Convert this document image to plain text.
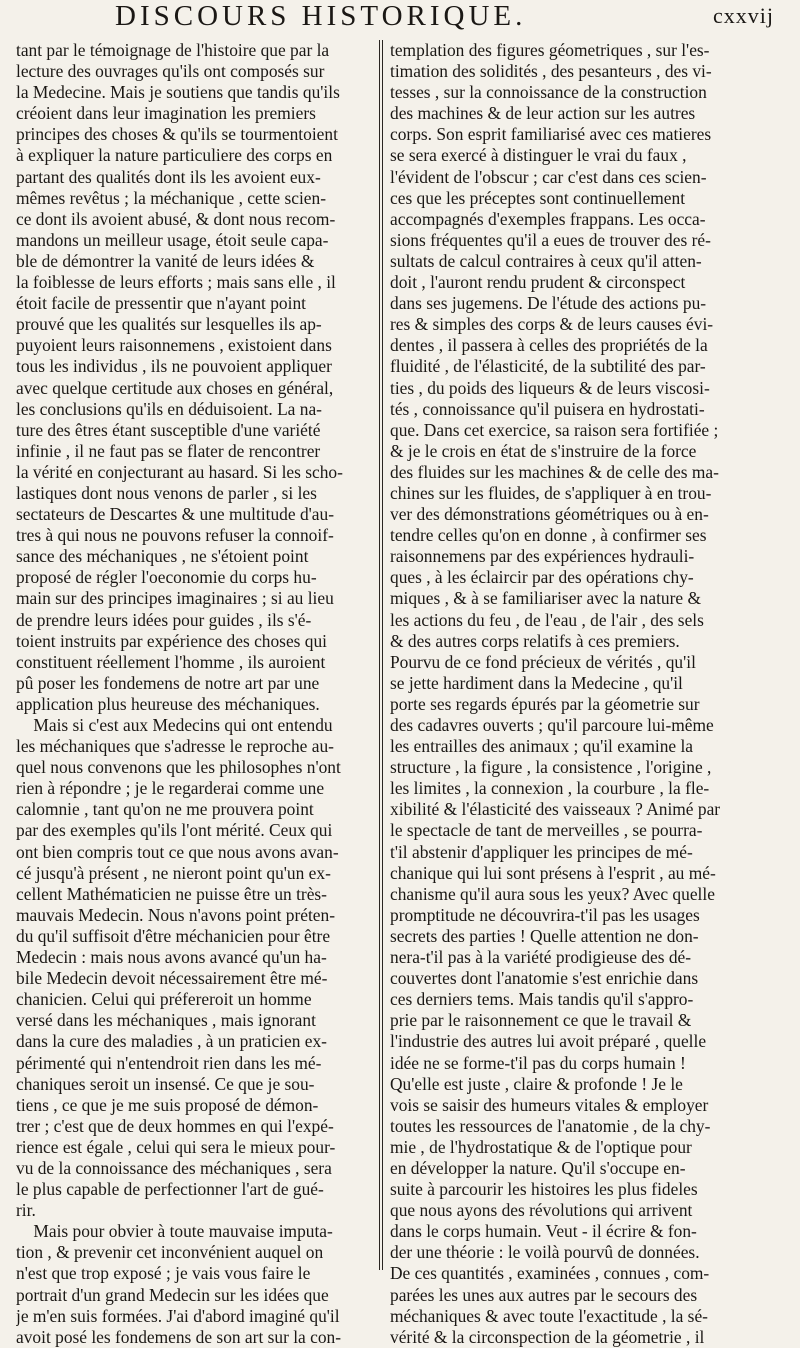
DISCOURS HISTORIQUE.	cxxvij
tant par le témoignage de l'histoire que par la
lecture des ouvrages qu'ils ont composés sur
la Medecine. Mais je soutiens que tandis qu'ils
créoient dans leur imagination les premiers
principes des choses & qu'ils se tourmentoient
à expliquer la nature particuliere des corps en
partant des qualités dont ils les avoient eux-
mêmes revêtus ; la méchanique , cette scien-
ce dont ils avoient abusé, & dont nous recom-
mandons un meilleur usage, étoit seule capa-
ble de démontrer la vanité de leurs idées &
la foiblesse de leurs efforts ; mais sans elle , il
étoit facile de pressentir que n'ayant point
prouvé que les qualités sur lesquelles ils ap-
puyoient leurs raisonnemens , existoient dans
tous les individus , ils ne pouvoient appliquer
avec quelque certitude aux choses en général,
les conclusions qu'ils en déduisoient. La na-
ture des êtres étant susceptible d'une variété
infinie , il ne faut pas se flater de rencontrer
la vérité en conjecturant au hasard. Si les scho-
lastiques dont nous venons de parler , si les
sectateurs de Descartes & une multitude d'au-
tres à qui nous ne pouvons refuser la connoif-
sance des méchaniques , ne s'étoient point
proposé de régler l'oeconomie du corps hu-
main sur des principes imaginaires ; si au lieu
de prendre leurs idées pour guides , ils s'é-
toient instruits par expérience des choses qui
constituent réellement l'homme , ils auroient
pû poser les fondemens de notre art par une
application plus heureuse des méchaniques.
Mais si c'est aux Medecins qui ont entendu
les méchaniques que s'adresse le reproche au-
quel nous convenons que les philosophes n'ont
rien à répondre ; je le regarderai comme une
calomnie , tant qu'on ne me prouvera point
par des exemples qu'ils l'ont mérité. Ceux qui
ont bien compris tout ce que nous avons avan-
cé jusqu'à présent , ne nieront point qu'un ex-
cellent Mathématicien ne puisse être un très-
mauvais Medecin. Nous n'avons point préten-
du qu'il suffisoit d'être méchanicien pour être
Medecin : mais nous avons avancé qu'un ha-
bile Medecin devoit nécessairement être mé-
chanicien. Celui qui préfereroit un homme
versé dans les méchaniques , mais ignorant
dans la cure des maladies , à un praticien ex-
périmenté qui n'entendroit rien dans les mé-
chaniques seroit un insensé. Ce que je sou-
tiens , ce que je me suis proposé de démon-
trer ; c'est que de deux hommes en qui l'expé-
rience est égale , celui qui sera le mieux pour-
vu de la connoissance des méchaniques , sera
le plus capable de perfectionner l'art de gué-
rir.
Mais pour obvier à toute mauvaise imputa-
tion , & prevenir cet inconvénient auquel on
n'est que trop exposé ; je vais vous faire le
portrait d'un grand Medecin sur les idées que
je m'en suis formées. J'ai d'abord imaginé qu'il
avoit posé les fondemens de son art sur la con-
templation des figures géometriques , sur l'es-
timation des solidités , des pesanteurs , des vi-
tesses , sur la connoissance de la construction
des machines & de leur action sur les autres
corps. Son esprit familiarisé avec ces matieres
se sera exercé à distinguer le vrai du faux ,
l'évident de l'obscur ; car c'est dans ces scien-
ces que les préceptes sont continuellement
accompagnés d'exemples frappans. Les occa-
sions fréquentes qu'il a eues de trouver des ré-
sultats de calcul contraires à ceux qu'il atten-
doit , l'auront rendu prudent & circonspect
dans ses jugemens. De l'étude des actions pu-
res & simples des corps & de leurs causes évi-
dentes , il passera à celles des propriétés de la
fluidité , de l'élasticité, de la subtilité des par-
ties , du poids des liqueurs & de leurs viscosi-
tés , connoissance qu'il puisera en hydrostati-
que. Dans cet exercice, sa raison sera fortifiée ;
& je le crois en état de s'instruire de la force
des fluides sur les machines & de celle des ma-
chines sur les fluides, de s'appliquer à en trou-
ver des démonstrations géométriques ou à en-
tendre celles qu'on en donne , à confirmer ses
raisonnemens par des expériences hydrauli-
ques , à les éclaircir par des opérations chy-
miques , & à se familiariser avec la nature &
les actions du feu , de l'eau , de l'air , des sels
& des autres corps relatifs à ces premiers.
Pourvu de ce fond précieux de vérités , qu'il
se jette hardiment dans la Medecine , qu'il
porte ses regards épurés par la géometrie sur
des cadavres ouverts ; qu'il parcoure lui-même
les entrailles des animaux ; qu'il examine la
structure , la figure , la consistence , l'origine ,
les limites , la connexion , la courbure , la fle-
xibilité & l'élasticité des vaisseaux ? Animé par
le spectacle de tant de merveilles , se pourra-
t'il abstenir d'appliquer les principes de mé-
chanique qui lui sont présens à l'esprit , au mé-
chanisme qu'il aura sous les yeux? Avec quelle
promptitude ne découvrira-t'il pas les usages
secrets des parties ! Quelle attention ne don-
nera-t'il pas à la variété prodigieuse des dé-
couvertes dont l'anatomie s'est enrichie dans
ces derniers tems. Mais tandis qu'il s'appro-
prie par le raisonnement ce que le travail &
l'industrie des autres lui avoit préparé , quelle
idée ne se forme-t'il pas du corps humain !
Qu'elle est juste , claire & profonde ! Je le
vois se saisir des humeurs vitales & employer
toutes les ressources de l'anatomie , de la chy-
mie , de l'hydrostatique & de l'optique pour
en développer la nature. Qu'il s'occupe en-
suite à parcourir les histoires les plus fideles
que nous ayons des révolutions qui arrivent
dans le corps humain. Veut - il écrire & fon-
der une théorie : le voilà pourvû de données.
De ces quantités , examinées , connues , com-
parées les unes aux autres par le secours des
méchaniques & avec toute l'exactitude , la sé-
vérité & la circonspection de la géometrie , il
